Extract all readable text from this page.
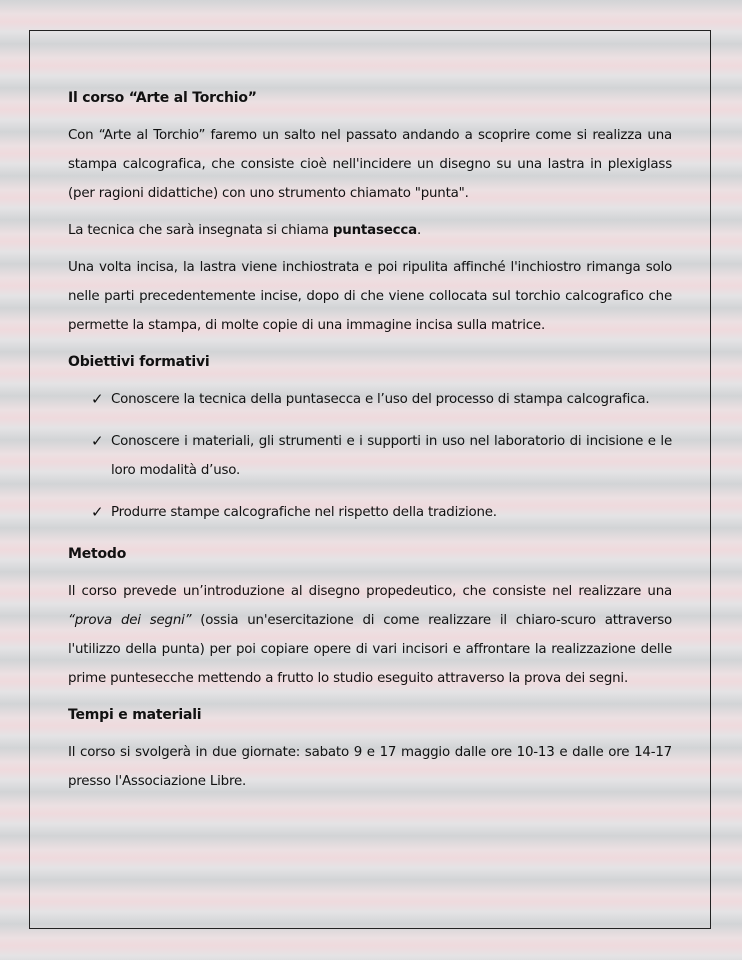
Il corso “Arte al Torchio”

Con “Arte al Torchio” faremo un salto nel passato andando a scoprire come si realizza una stampa calcografica, che consiste cioè nell'incidere un disegno su una lastra in plexiglass (per ragioni didattiche) con uno strumento chiamato "punta".

La tecnica che sarà insegnata si chiama puntasecca.

Una volta incisa, la lastra viene inchiostrata e poi ripulita affinché l'inchiostro rimanga solo nelle parti precedentemente incise, dopo di che viene collocata sul torchio calcografico che permette la stampa, di molte copie di una immagine incisa sulla matrice.

Obiettivi formativi
✓ Conoscere la tecnica della puntasecca e l’uso del processo di stampa calcografica.
✓ Conoscere i materiali, gli strumenti e i supporti in uso nel laboratorio di incisione e le loro modalità d’uso.
✓ Produrre stampe calcografiche nel rispetto della tradizione.
Metodo

Il corso prevede un’introduzione al disegno propedeutico, che consiste nel realizzare una “prova dei segni” (ossia un'esercitazione di come realizzare il chiaro-scuro attraverso l'utilizzo della punta) per poi copiare opere di vari incisori e affrontare la realizzazione delle prime puntesecche mettendo a frutto lo studio eseguito attraverso la prova dei segni.

Tempi e materiali

Il corso si svolgerà in due giornate: sabato 9 e 17 maggio dalle ore 10-13 e dalle ore 14-17 presso l'Associazione Libre.
